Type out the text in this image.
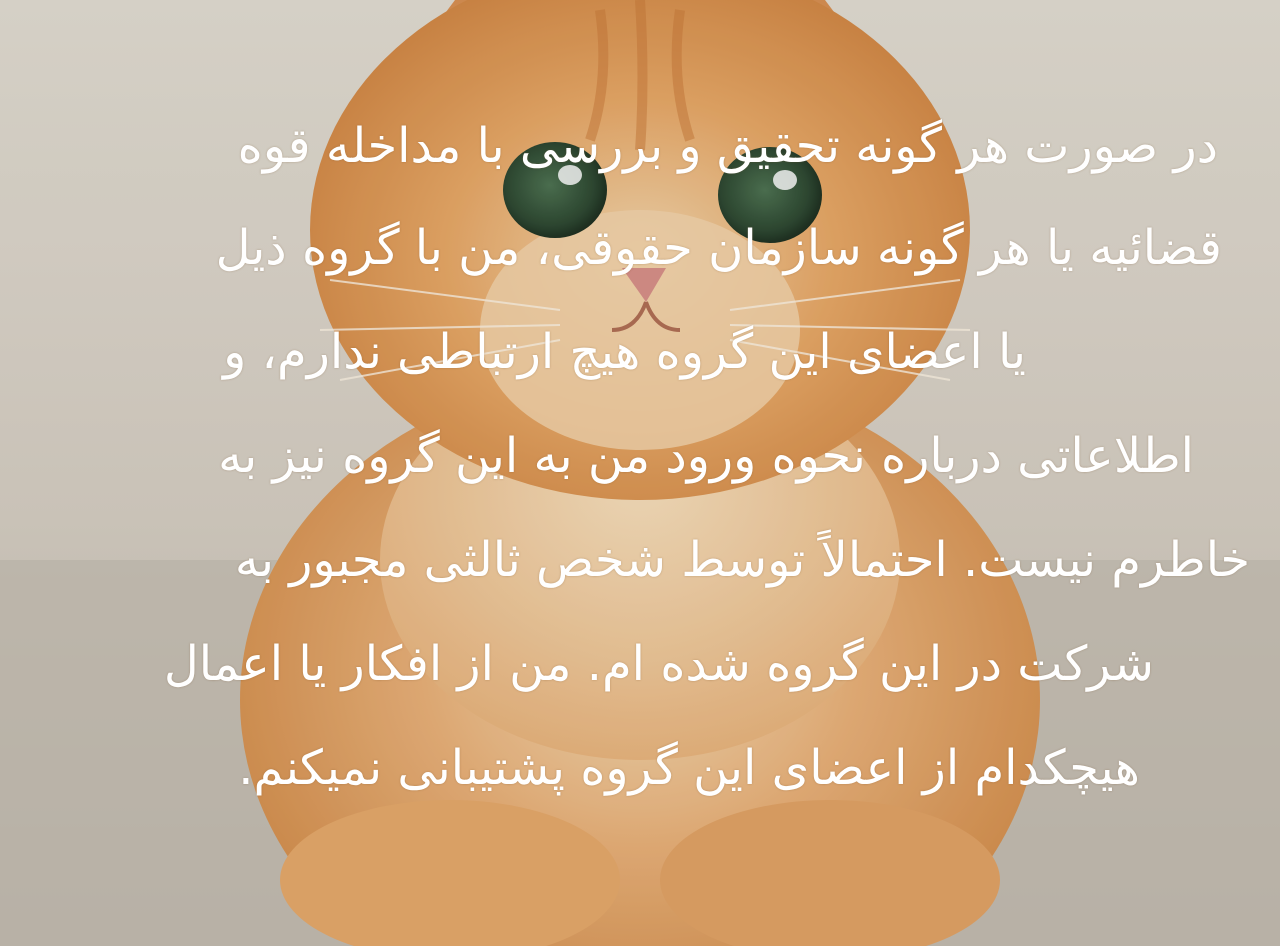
در صورت هر گونه تحقیق و بررسی با مداخله قوه
قضائیه یا هر گونه سازمان حقوقی، من با گروه ذیل
یا اعضای این گروه هیچ ارتباطی ندارم، و
اطلاعاتی درباره نحوه ورود من به این گروه نیز به
خاطرم نیست. احتمالاً توسط شخص ثالثی مجبور به
شرکت در این گروه شده ام. من از افکار یا اعمال
هیچکدام از اعضای این گروه پشتیبانی نمیکنم.
